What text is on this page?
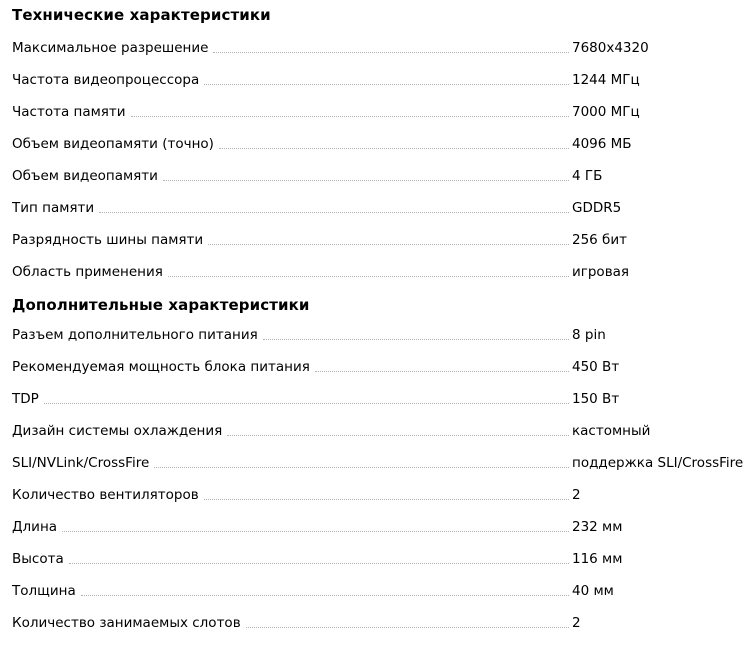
Технические характеристики
Максимальное разрешение	7680x4320
Частота видеопроцессора	1244 МГц
Частота памяти	7000 МГц
Объем видеопамяти (точно)	4096 МБ
Объем видеопамяти	4 ГБ
Тип памяти	GDDR5
Разрядность шины памяти	256 бит
Область применения	игровая
Дополнительные характеристики
Разъем дополнительного питания	8 pin
Рекомендуемая мощность блока питания	450 Вт
TDP	150 Вт
Дизайн системы охлаждения	кастомный
SLI/NVLink/CrossFire	поддержка SLI/CrossFire
Количество вентиляторов	2
Длина	232 мм
Высота	116 мм
Толщина	40 мм
Количество занимаемых слотов	2
